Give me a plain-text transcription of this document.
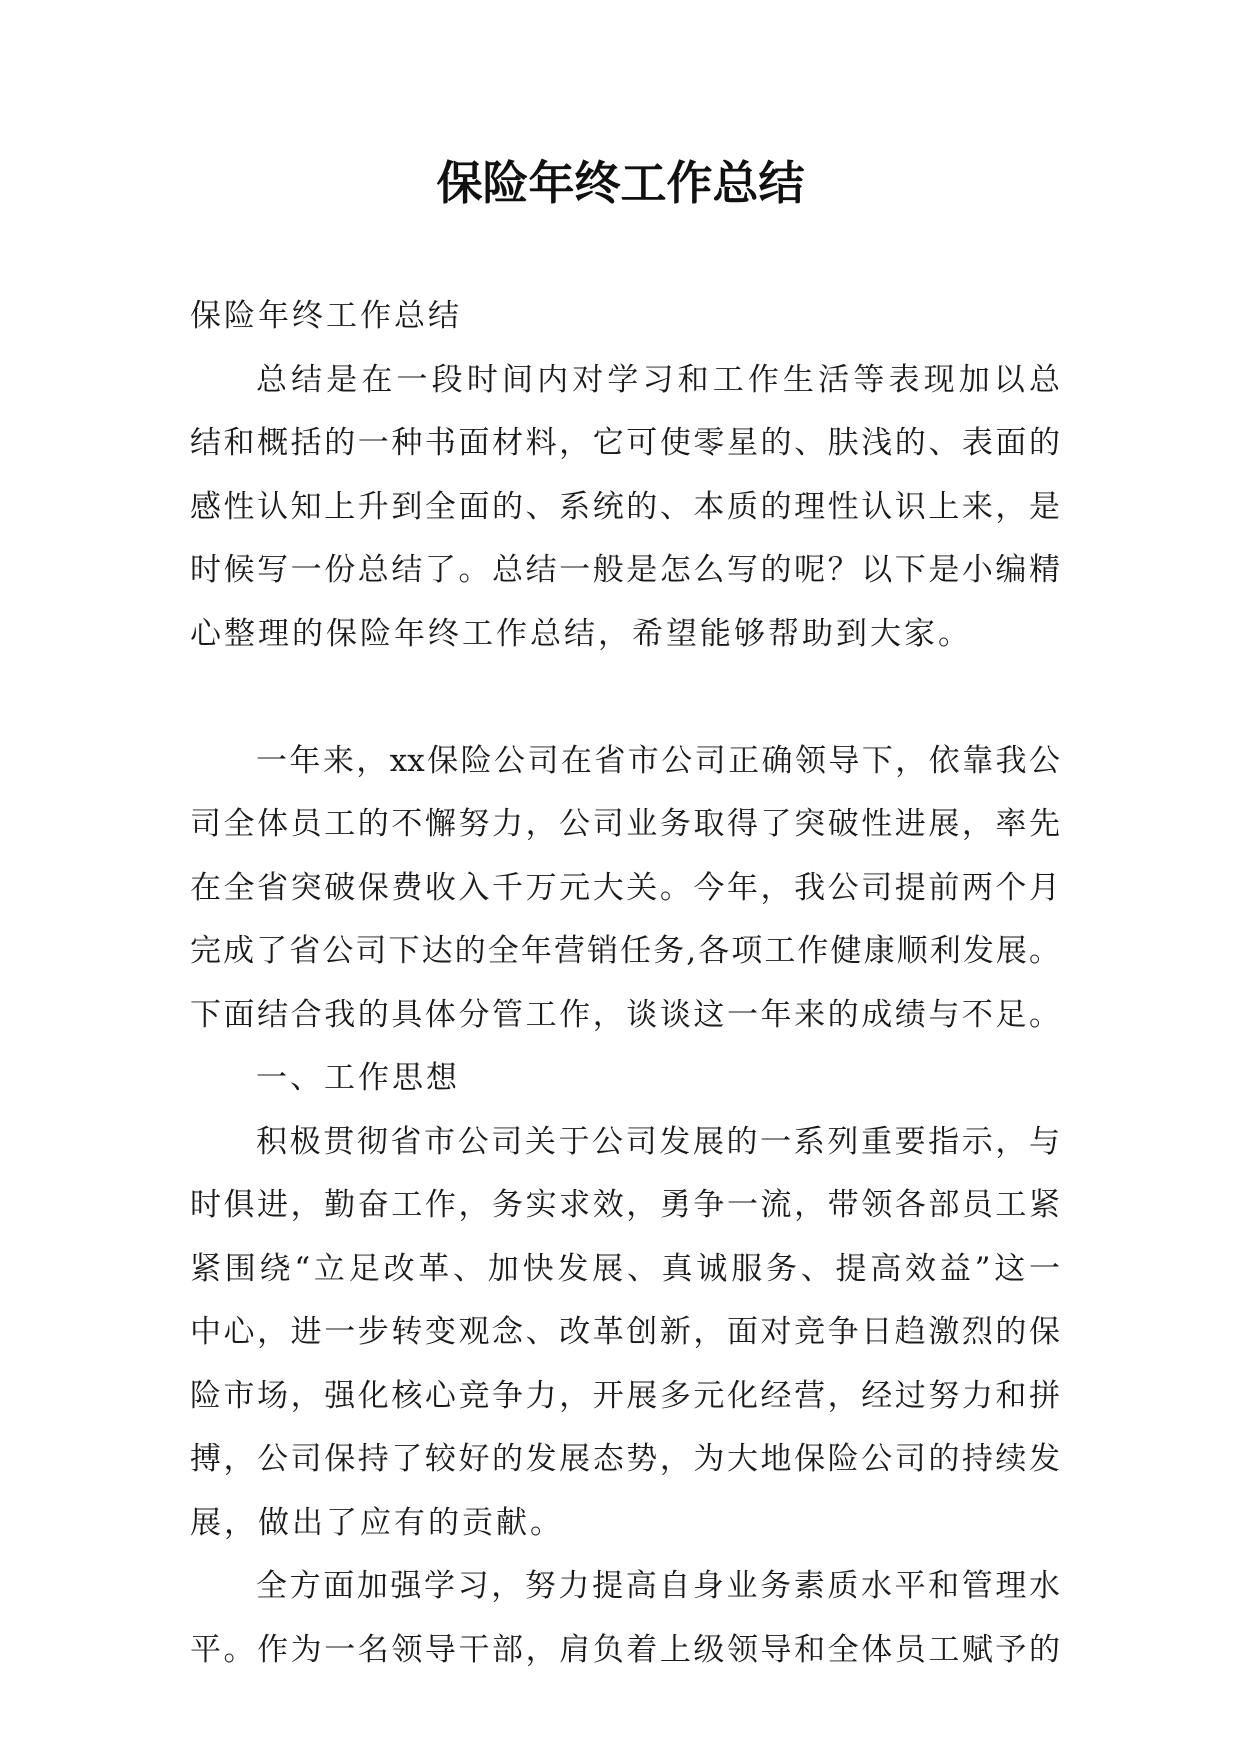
保险年终工作总结

保险年终工作总结

总结是在一段时间内对学习和工作生活等表现加以总

结和概括的一种书面材料，它可使零星的、肤浅的、表面的

感性认知上升到全面的、系统的、本质的理性认识上来，是

时候写一份总结了。总结一般是怎么写的呢？以下是小编精

心整理的保险年终工作总结，希望能够帮助到大家。

一年来，xx保险公司在省市公司正确领导下，依靠我公

司全体员工的不懈努力，公司业务取得了突破性进展，率先

在全省突破保费收入千万元大关。今年，我公司提前两个月

完成了省公司下达的全年营销任务,各项工作健康顺利发展。

下面结合我的具体分管工作，谈谈这一年来的成绩与不足。

一、工作思想

积极贯彻省市公司关于公司发展的一系列重要指示，与

时俱进，勤奋工作，务实求效，勇争一流，带领各部员工紧

紧围绕“立足改革、加快发展、真诚服务、提高效益”这一

中心，进一步转变观念、改革创新，面对竞争日趋激烈的保

险市场，强化核心竞争力，开展多元化经营，经过努力和拼

搏，公司保持了较好的发展态势，为大地保险公司的持续发

展，做出了应有的贡献。

全方面加强学习，努力提高自身业务素质水平和管理水

平。作为一名领导干部，肩负着上级领导和全体员工赋予的
